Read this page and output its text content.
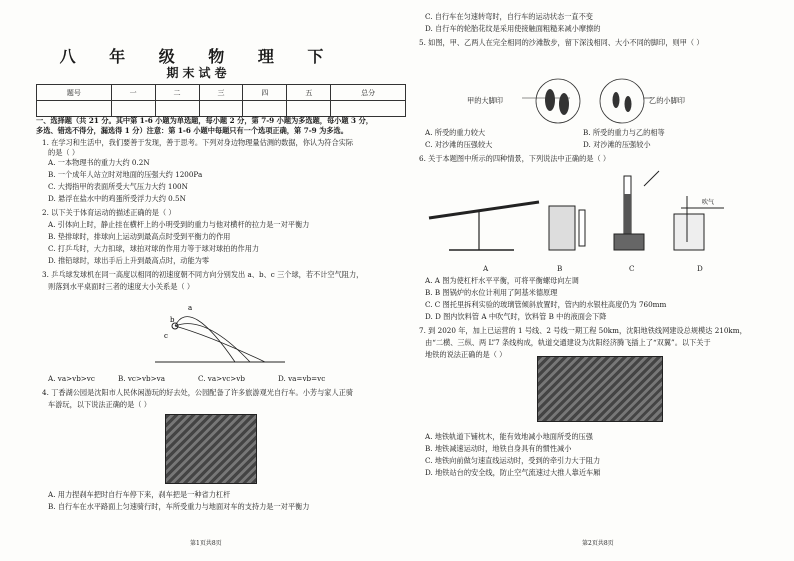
八 年 级 物 理 下
期末试卷
题号	一	二	三	四	五	总分

一、选择题（共 21 分。其中第 1-6 小题为单选题，每小题 2 分，第 7-9 小题为多选题，每小题 3 分，
多选、错选不得分，漏选得 1 分）注意：第 1-6 小题中每题只有一个选项正确，第 7-9 为多选。
1. 在学习和生活中，我们要善于发现，善于思考。下列对身边物理量估测的数据，你认为符合实际
的是（ ）
A. 一本物理书的重力大约 0.2N
B. 一个成年人站立时对地面的压强大约 1200Pa
C. 大拇指甲的表面所受大气压力大约 100N
D. 悬浮在盐水中的鸡蛋所受浮力大约 0.5N
2. 以下关于体育运动的描述正确的是（ ）
A. 引体向上时，静止挂在横杆上的小明受到的重力与他对横杆的拉力是一对平衡力
B. 垫排球时，排球向上运动到最高点时受到平衡力的作用
C. 打乒乓时，大力扣球，球拍对球的作用力等于球对球拍的作用力
D. 推铅球时，球出手后上升到最高点时，动能为零
3. 乒乓球发球机在同一高度以相同的初速度朝不同方向分别发出 a、b、c 三个球，若不计空气阻力，
则落到水平桌面时三者的速度大小关系是（ ）
a
b
c
A. va>vb>vc	B. vc>vb>va	C. va>vc>vb	D. va=vb=vc
4. 丁香湖公园是沈阳市人民休闲游玩的好去处，公园配备了许多旅游观光自行车。小芳与家人正骑
车游玩，以下说法正确的是（ ）
A. 用力捏刹车把时自行车停下来，刹车把是一种省力杠杆
B. 自行车在水平路面上匀速骑行时，车所受重力与地面对车的支持力是一对平衡力
第1页共8页
C. 自行车在匀速转弯时，自行车的运动状态一直不变
D. 自行车的轮胎花纹是采用使接触面粗糙来减小摩擦的
5. 如图，甲、乙两人在完全相同的沙滩散步，留下深浅相同、大小不同的脚印，则甲（ ）
甲的大脚印	乙的小脚印
A. 所受的重力较大	B. 所受的重力与乙的相等
C. 对沙滩的压强较大	D. 对沙滩的压强较小
6. 关于本题图中所示的四种情景，下列说法中正确的是（ ）
吹气
A	B	C	D
A. A 图为使杠杆水平平衡，可将平衡螺母向左调
B. B 图锅炉的水位计利用了阿基米德原理
C. C 图托里拆利实验的玻璃管倾斜放置时，管内的水银柱高度仍为 760mm
D. D 图内饮料管 A 中吹气时，饮料管 B 中的液面会下降
7. 到 2020 年，加上已运营的 1 号线、2 号线一期工程 50km，沈阳地铁线网建设总规模达 210km，
由“二横、三纵、两 L”7 条线构成，轨道交通建设为沈阳经济腾飞插上了“双翼”。以下关于
地铁的说法正确的是（ ）
A. 地铁轨道下铺枕木，能有效地减小地面所受的压强
B. 地铁减速运动时，地铁自身具有的惯性减小
C. 地铁向前做匀速直线运动时，受到的牵引力大于阻力
D. 地铁站台的安全线，防止空气流速过大推人靠近车厢
第2页共8页
